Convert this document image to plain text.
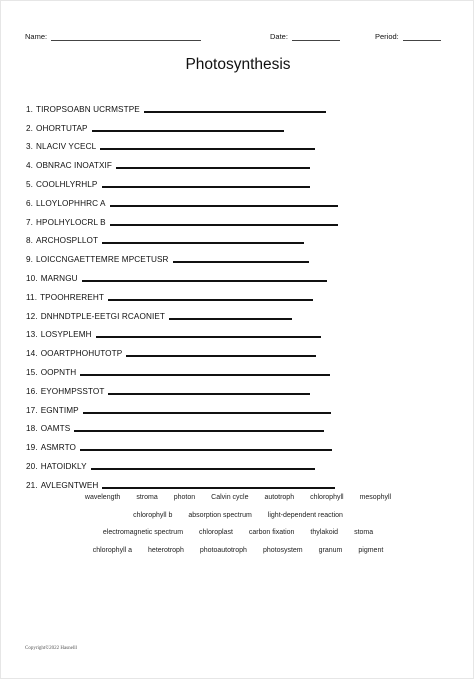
Name:	Date:	Period:
Photosynthesis
1. TIROPSOABN UCRMSTPE
2. OHORTUTAP
3. NLACIV YCECL
4. OBNRAC INOATXIF
5. COOLHLYRHLP
6. LLOYLOPHHRC A
7. HPOLHYLOCRL B
8. ARCHOSPLLOT
9. LOICCNGAETTEMRE MPCETUSR
10. MARNGU
11. TPOOHREREHT
12. DNHNDTPLE-EETGI RCAONIET
13. LOSYPLEMH
14. OOARTPHOHUTOTP
15. OOPNTH
16. EYOHMPSSTOT
17. EGNTIMP
18. OAMTS
19. ASMRTO
20. HATOIDKLY
21. AVLEGNTWEH
wavelength stroma photon Calvin cycle autotroph chlorophyll mesophyll
chlorophyll b absorption spectrum light-dependent reaction
electromagnetic spectrum chloroplast carbon fixation thylakoid stoma
chlorophyll a heterotroph photoautotroph photosystem granum pigment
Copyright©2022 Hasnelll
